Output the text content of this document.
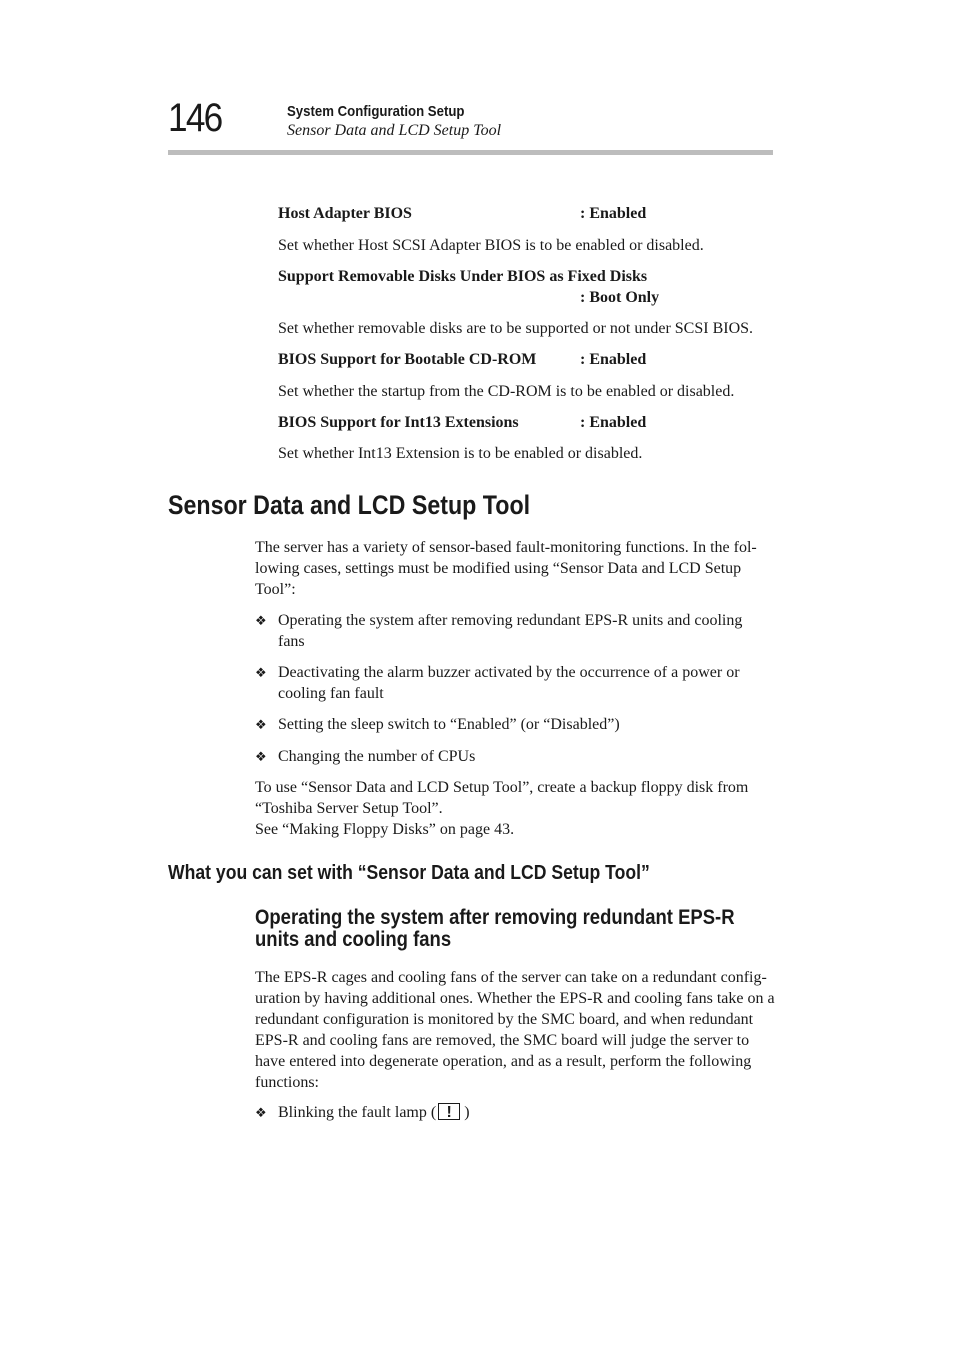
146	System Configuration Setup
Sensor Data and LCD Setup Tool
Host Adapter BIOS	: Enabled
Set whether Host SCSI Adapter BIOS is to be enabled or disabled.
Support Removable Disks Under BIOS as Fixed Disks
: Boot Only
Set whether removable disks are to be supported or not under SCSI BIOS.
BIOS Support for Bootable CD-ROM	: Enabled
Set whether the startup from the CD-ROM is to be enabled or disabled.
BIOS Support for Int13 Extensions	: Enabled
Set whether Int13 Extension is to be enabled or disabled.
Sensor Data and LCD Setup Tool
The server has a variety of sensor-based fault-monitoring functions. In the fol-lowing cases, settings must be modified using “Sensor Data and LCD Setup Tool”:
❖ Operating the system after removing redundant EPS-R units and cooling fans
❖ Deactivating the alarm buzzer activated by the occurrence of a power or cooling fan fault
❖ Setting the sleep switch to “Enabled” (or “Disabled”)
❖ Changing the number of CPUs
To use “Sensor Data and LCD Setup Tool”, create a backup floppy disk from “Toshiba Server Setup Tool”.
See “Making Floppy Disks” on page 43.
What you can set with “Sensor Data and LCD Setup Tool”
Operating the system after removing redundant EPS-R units and cooling fans
The EPS-R cages and cooling fans of the server can take on a redundant config-uration by having additional ones. Whether the EPS-R and cooling fans take on a redundant configuration is monitored by the SMC board, and when redundant EPS-R and cooling fans are removed, the SMC board will judge the server to have entered into degenerate operation, and as a result, perform the following functions:
❖ Blinking the fault lamp (! )
